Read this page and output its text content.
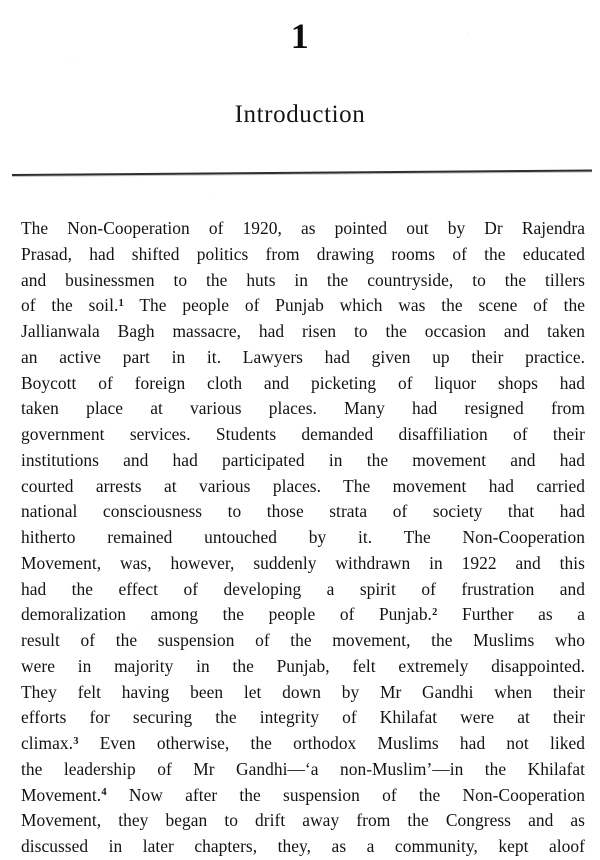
1
Introduction
The Non-Cooperation of 1920, as pointed out by Dr Rajendra
Prasad, had shifted politics from drawing rooms of the educated
and businessmen to the huts in the countryside, to the tillers
of the soil.$^1$ The people of Punjab which was the scene of the
Jallianwala Bagh massacre, had risen to the occasion and taken
an active part in it. Lawyers had given up their practice.
Boycott of foreign cloth and picketing of liquor shops had
taken place at various places. Many had resigned from
government services. Students demanded disaffiliation of their
institutions and had participated in the movement and had
courted arrests at various places. The movement had carried
national consciousness to those strata of society that had
hitherto remained untouched by it. The Non-Cooperation
Movement, was, however, suddenly withdrawn in 1922 and this
had the effect of developing a spirit of frustration and
demoralization among the people of Punjab.$^2$ Further as a
result of the suspension of the movement, the Muslims who
were in majority in the Punjab, felt extremely disappointed.
They felt having been let down by Mr Gandhi when their
efforts for securing the integrity of Khilafat were at their
climax.$^3$ Even otherwise, the orthodox Muslims had not liked
the leadership of Mr Gandhi—‘a non-Muslim’—in the Khilafat
Movement.$^4$ Now after the suspension of the Non-Cooperation
Movement, they began to drift away from the Congress and as
discussed in later chapters, they, as a community, kept aloof
